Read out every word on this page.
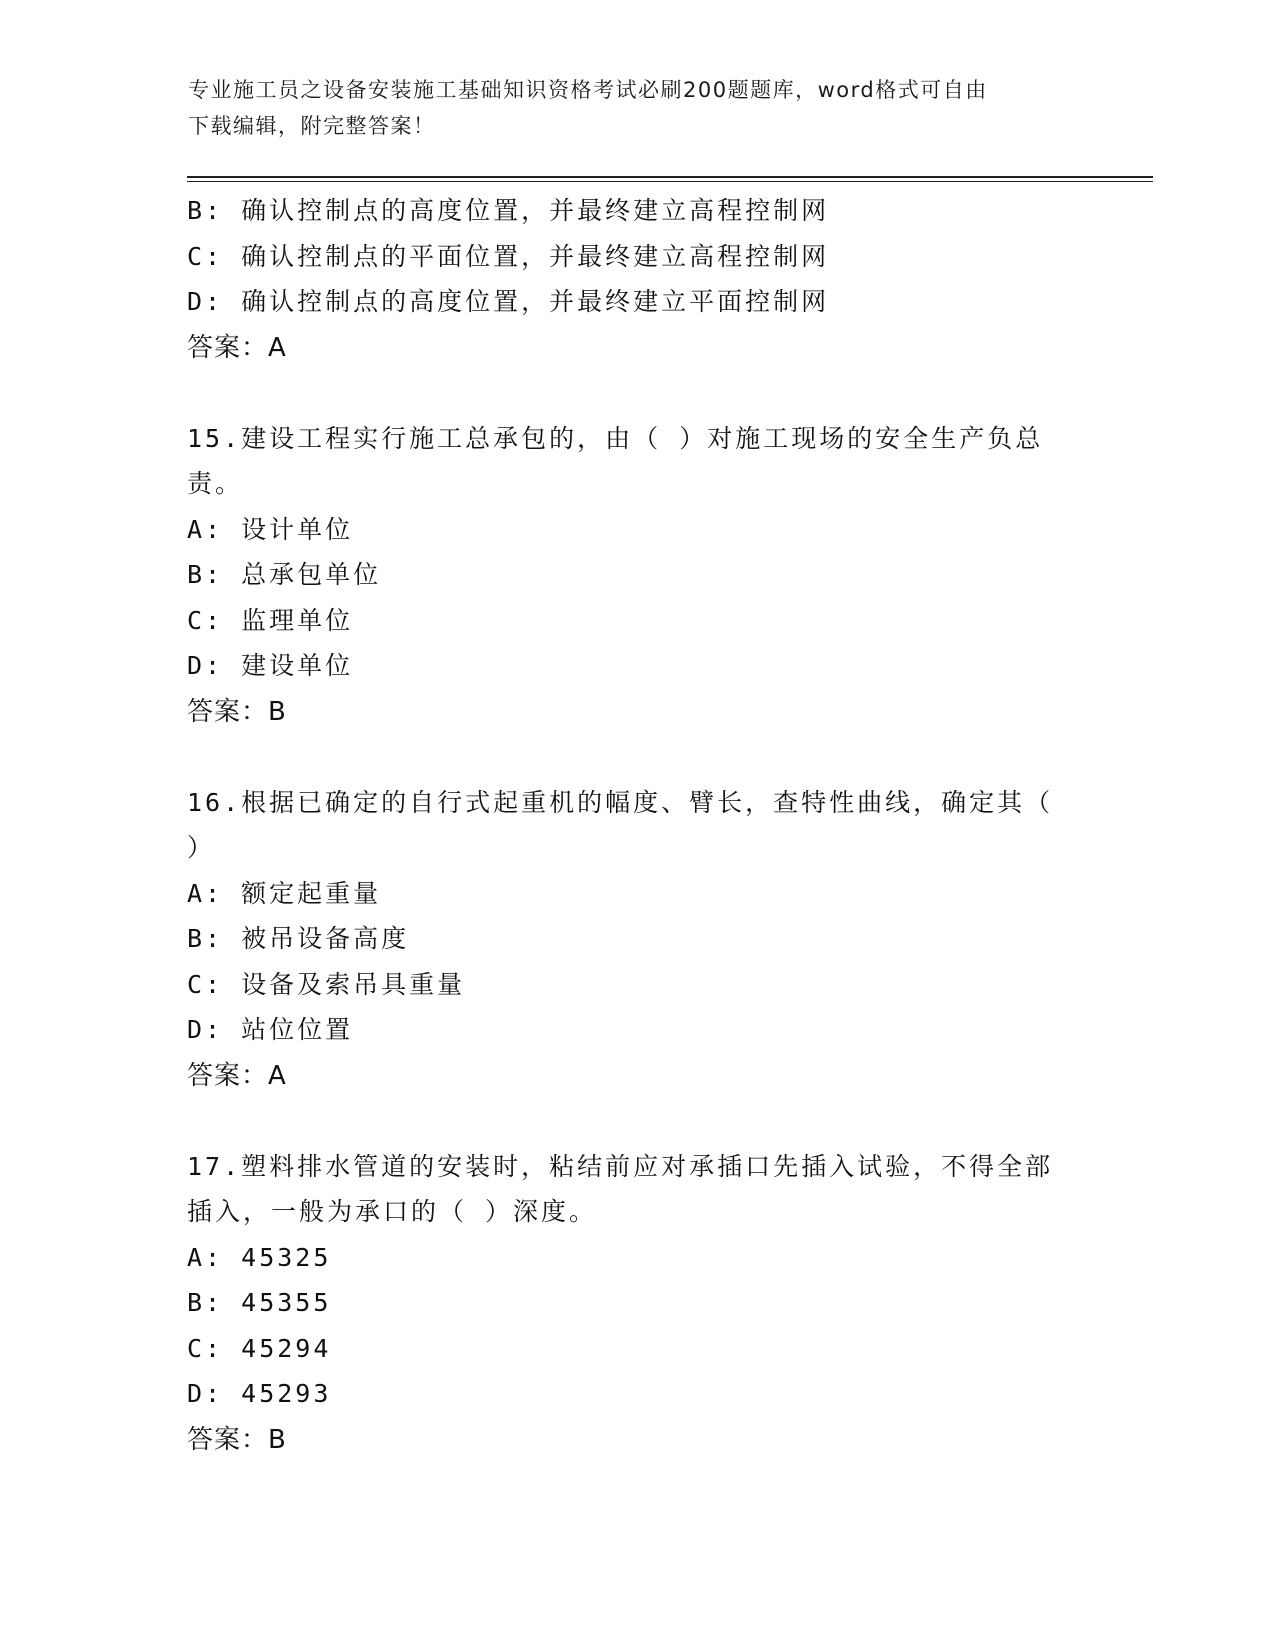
专业施工员之设备安装施工基础知识资格考试必刷200题题库，word格式可自由
下载编辑，附完整答案！
B: 确认控制点的高度位置，并最终建立高程控制网
C: 确认控制点的平面位置，并最终建立高程控制网
D: 确认控制点的高度位置，并最终建立平面控制网
答案：A
15.建设工程实行施工总承包的，由（ ）对施工现场的安全生产负总
责。
A: 设计单位
B: 总承包单位
C: 监理单位
D: 建设单位
答案：B
16.根据已确定的自行式起重机的幅度、臂长，查特性曲线，确定其（
）
A: 额定起重量
B: 被吊设备高度
C: 设备及索吊具重量
D: 站位位置
答案：A
17.塑料排水管道的安装时，粘结前应对承插口先插入试验，不得全部
插入，一般为承口的（ ）深度。
A: 45325
B: 45355
C: 45294
D: 45293
答案：B
